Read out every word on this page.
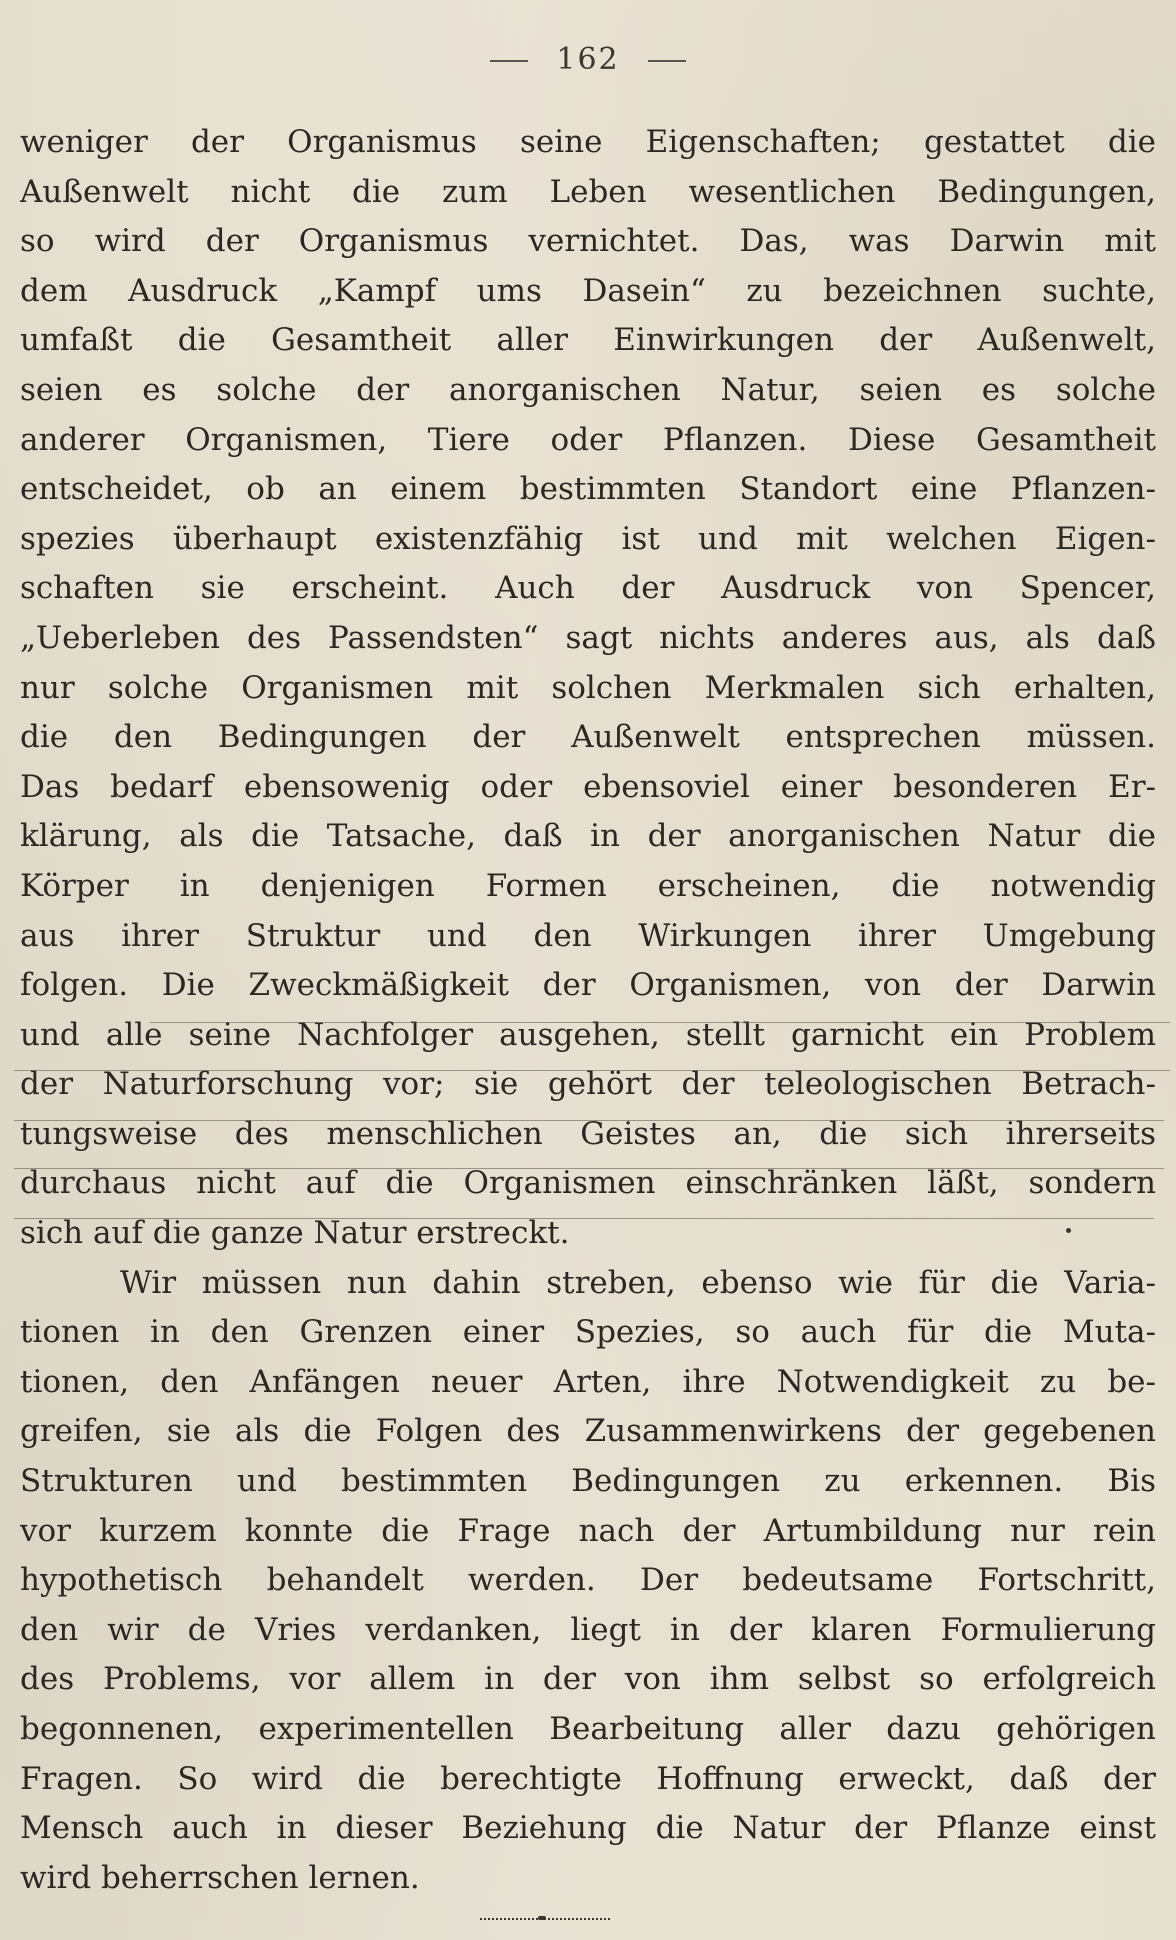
162
weniger der Organismus seine Eigenschaften; gestattet die
Außenwelt nicht die zum Leben wesentlichen Bedingungen,
so wird der Organismus vernichtet. Das, was Darwin mit
dem Ausdruck „Kampf ums Dasein“ zu bezeichnen suchte,
umfaßt die Gesamtheit aller Einwirkungen der Außenwelt,
seien es solche der anorganischen Natur, seien es solche
anderer Organismen, Tiere oder Pflanzen. Diese Gesamtheit
entscheidet, ob an einem bestimmten Standort eine Pflanzen-
spezies überhaupt existenzfähig ist und mit welchen Eigen-
schaften sie erscheint. Auch der Ausdruck von Spencer,
„Ueberleben des Passendsten“ sagt nichts anderes aus, als daß
nur solche Organismen mit solchen Merkmalen sich erhalten,
die den Bedingungen der Außenwelt entsprechen müssen.
Das bedarf ebensowenig oder ebensoviel einer besonderen Er-
klärung, als die Tatsache, daß in der anorganischen Natur die
Körper in denjenigen Formen erscheinen, die notwendig
aus ihrer Struktur und den Wirkungen ihrer Umgebung
folgen. Die Zweckmäßigkeit der Organismen, von der Darwin
und alle seine Nachfolger ausgehen, stellt garnicht ein Problem
der Naturforschung vor; sie gehört der teleologischen Betrach-
tungsweise des menschlichen Geistes an, die sich ihrerseits
durchaus nicht auf die Organismen einschränken läßt, sondern
sich auf die ganze Natur erstreckt.
Wir müssen nun dahin streben, ebenso wie für die Varia-
tionen in den Grenzen einer Spezies, so auch für die Muta-
tionen, den Anfängen neuer Arten, ihre Notwendigkeit zu be-
greifen, sie als die Folgen des Zusammenwirkens der gegebenen
Strukturen und bestimmten Bedingungen zu erkennen. Bis
vor kurzem konnte die Frage nach der Artumbildung nur rein
hypothetisch behandelt werden. Der bedeutsame Fortschritt,
den wir de Vries verdanken, liegt in der klaren Formulierung
des Problems, vor allem in der von ihm selbst so erfolgreich
begonnenen, experimentellen Bearbeitung aller dazu gehörigen
Fragen. So wird die berechtigte Hoffnung erweckt, daß der
Mensch auch in dieser Beziehung die Natur der Pflanze einst
wird beherrschen lernen.
